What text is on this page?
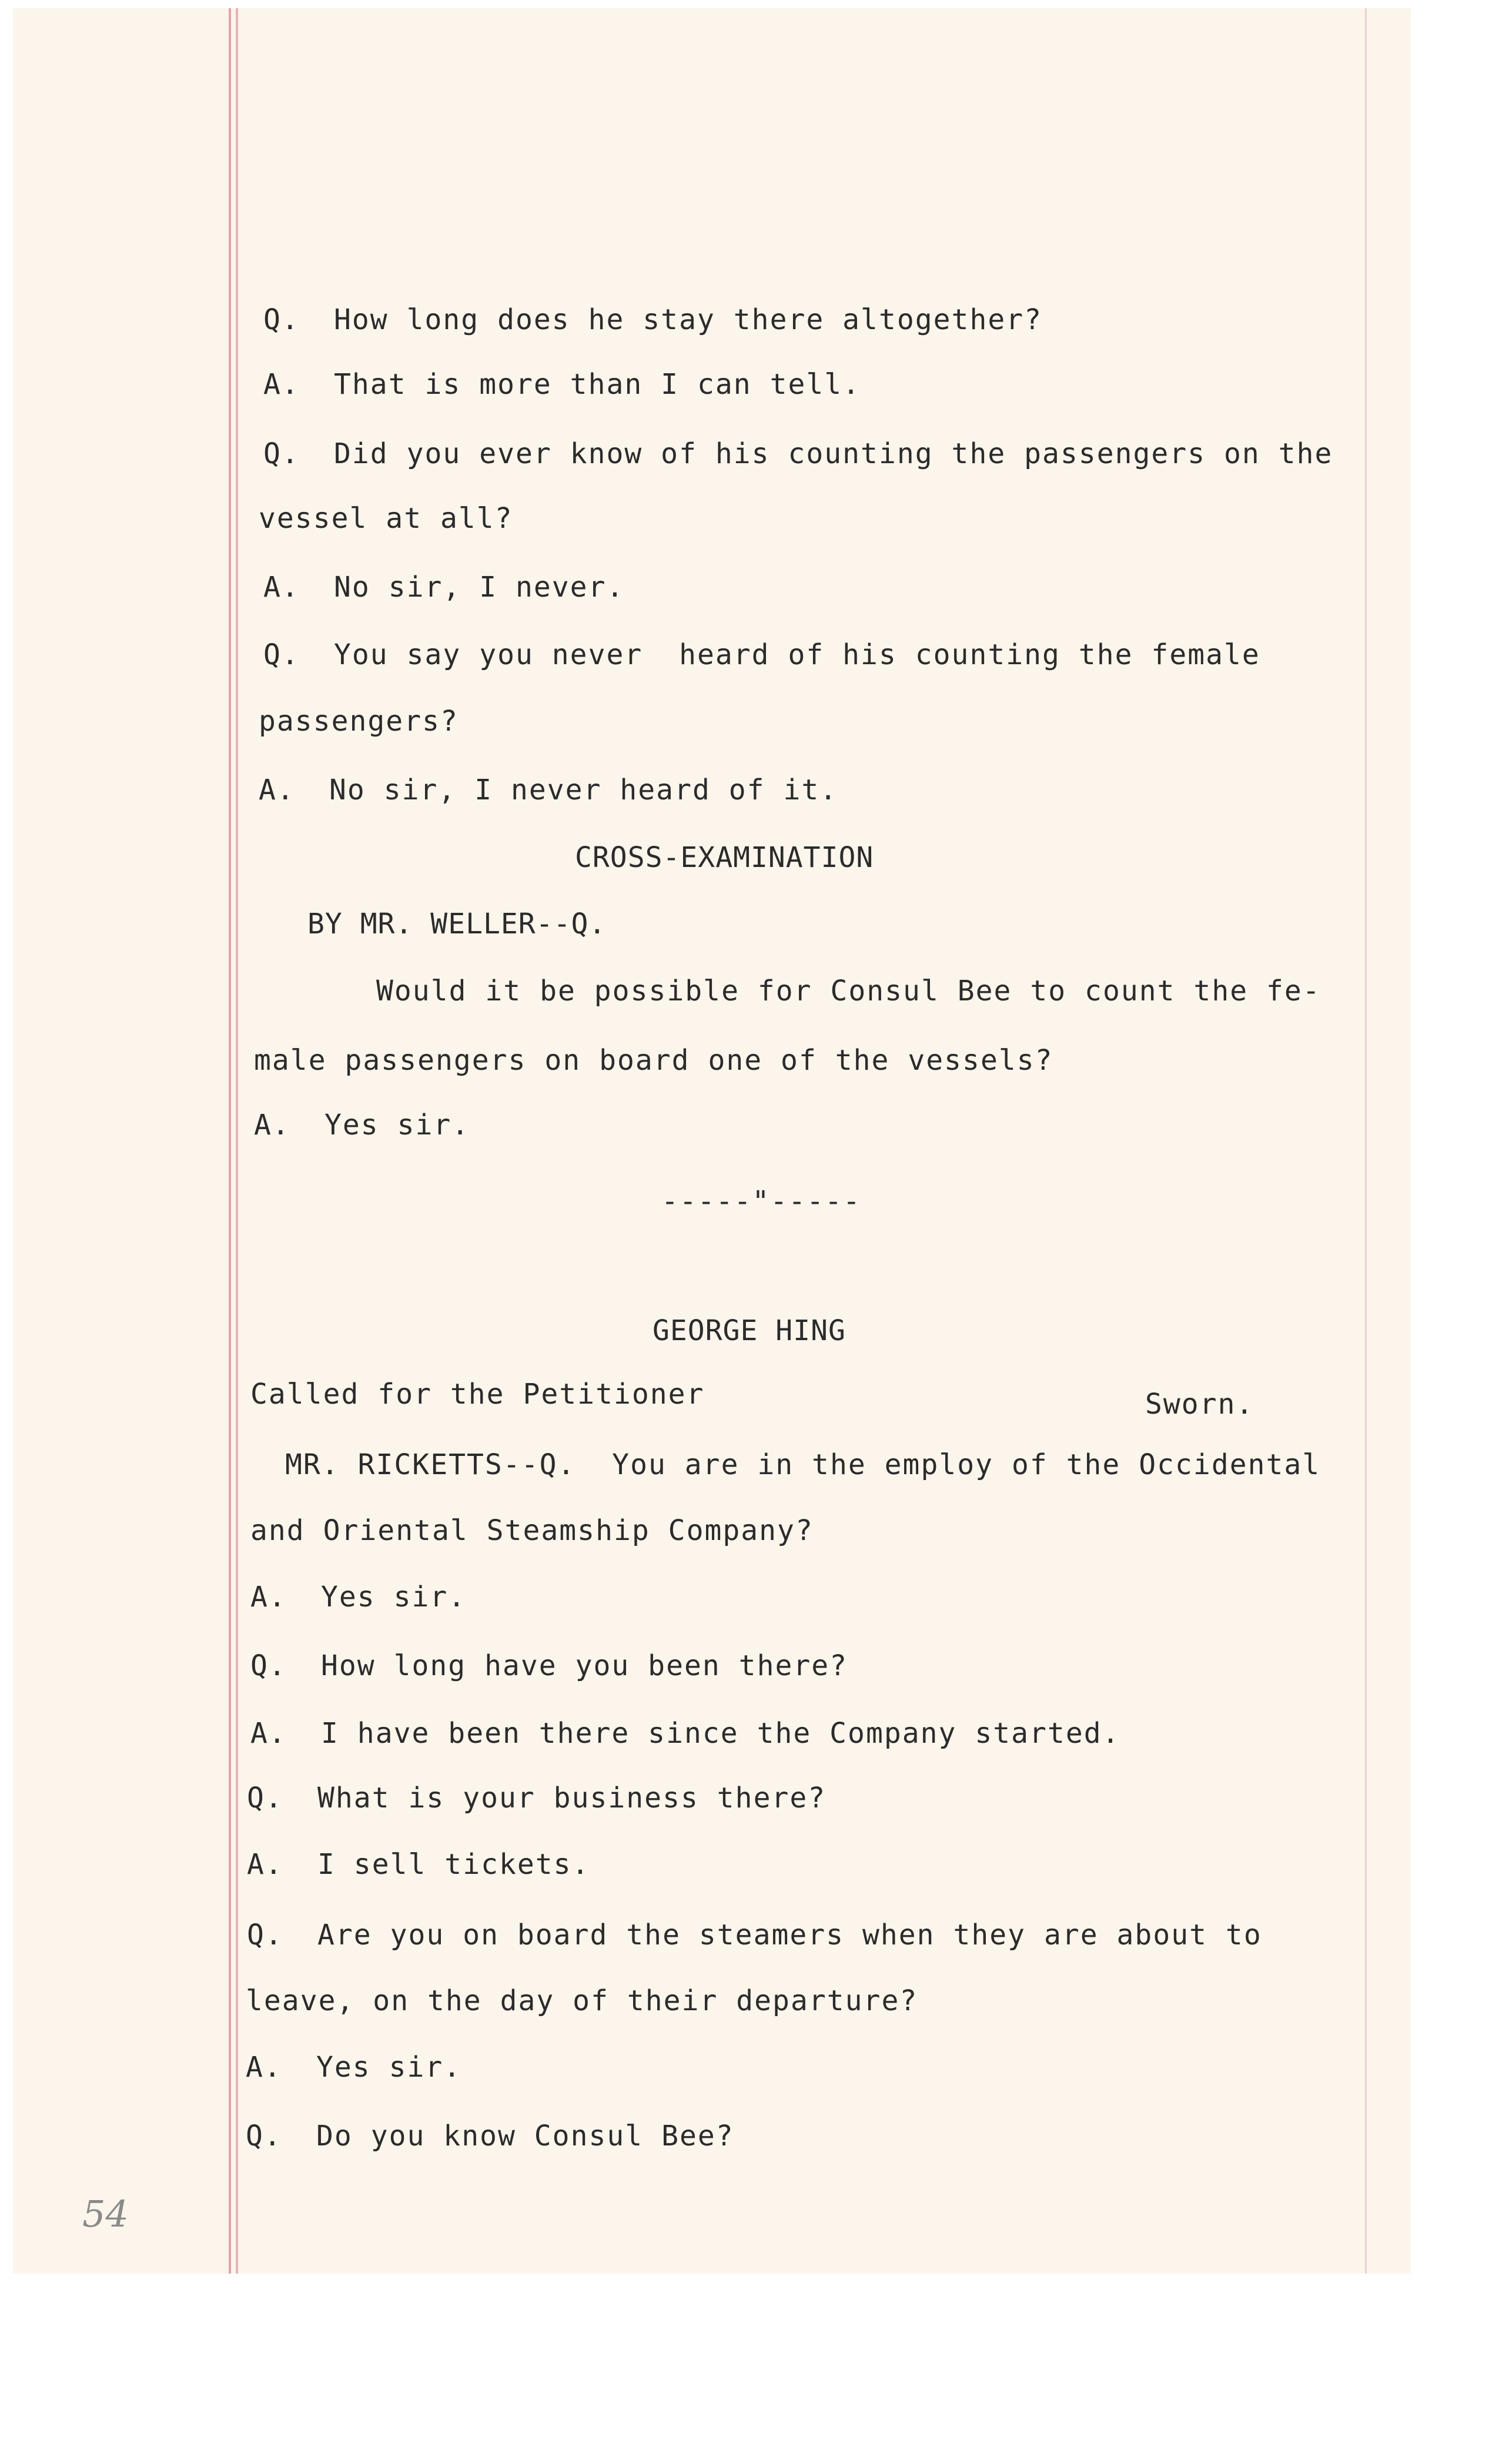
Q. How long does he stay there altogether?
A. That is more than I can tell.
Q. Did you ever know of his counting the passengers on the
vessel at all?
A. No sir, I never.
Q. You say you never  heard of his counting the female
passengers?
A. No sir, I never heard of it.
CROSS-EXAMINATION
BY MR. WELLER--Q.
Would it be possible for Consul Bee to count the fe-
male passengers on board one of the vessels?
A. Yes sir.
-----"-----
GEORGE HING
Called for the Petitioner	Sworn.
MR. RICKETTS--Q.  You are in the employ of the Occidental
and Oriental Steamship Company?
A. Yes sir.
Q. How long have you been there?
A. I have been there since the Company started.
Q. What is your business there?
A. I sell tickets.
Q. Are you on board the steamers when they are about to
leave, on the day of their departure?
A. Yes sir.
Q. Do you know Consul Bee?
54
